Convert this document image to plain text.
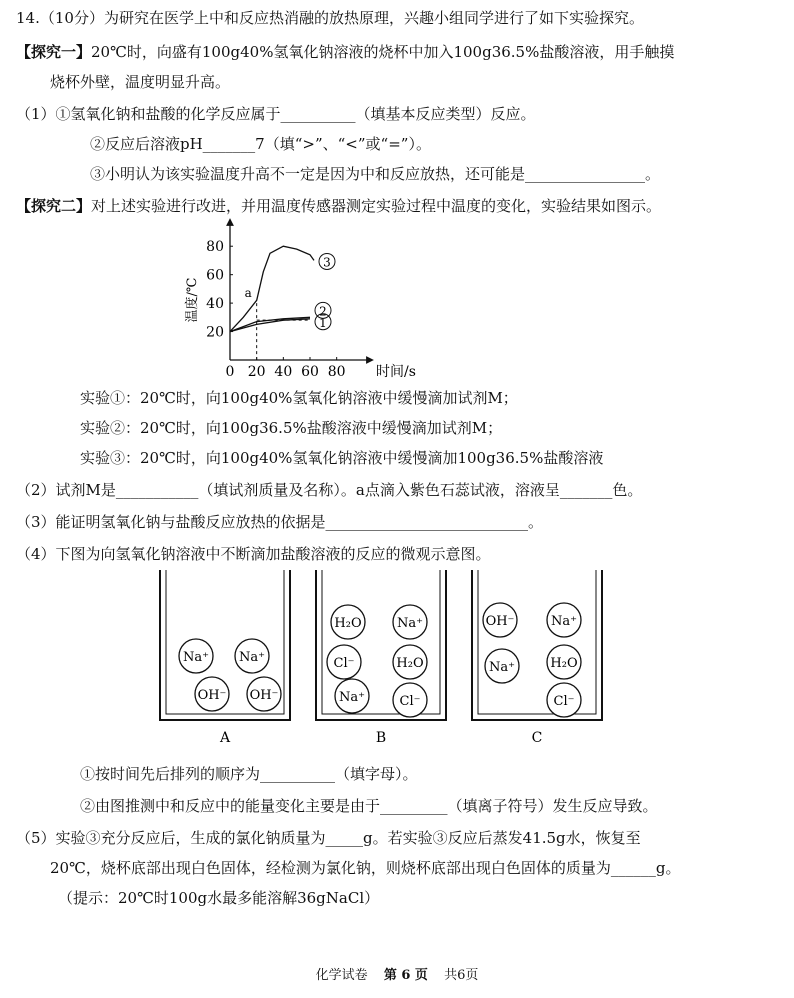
14.（10分）为研究在医学上中和反应热消融的放热原理，兴趣小组同学进行了如下实验探究。
【探究一】20℃时，向盛有100g40%氢氧化钠溶液的烧杯中加入100g36.5%盐酸溶液，用手触摸
烧杯外壁，温度明显升高。
（1）①氢氧化钠和盐酸的化学反应属于__________（填基本反应类型）反应。
②反应后溶液pH_______7（填“>”、“<”或“=”）。
③小明认为该实验温度升高不一定是因为中和反应放热，还可能是________________。
【探究二】对上述实验进行改进，并用温度传感器测定实验过程中温度的变化，实验结果如图示。
0 20 40 60 80
20
40
60
80
时间/s
温度/℃
1
2
3
a
实验①：20℃时，向100g40%氢氧化钠溶液中缓慢滴加试剂M；
实验②：20℃时，向100g36.5%盐酸溶液中缓慢滴加试剂M；
实验③：20℃时，向100g40%氢氧化钠溶液中缓慢滴加100g36.5%盐酸溶液
（2）试剂M是___________（填试剂质量及名称）。a点滴入紫色石蕊试液，溶液呈_______色。
（3）能证明氢氧化钠与盐酸反应放热的依据是___________________________。
（4）下图为向氢氧化钠溶液中不断滴加盐酸溶液的反应的微观示意图。
Na⁺ Na⁺
OH⁻ OH⁻
A
H₂O	Na⁺
Cl⁻	H₂O
Na⁺	Cl⁻
B
OH⁻	Na⁺
Na⁺	H₂O
Cl⁻
C
①按时间先后排列的顺序为__________（填字母）。
②由图推测中和反应中的能量变化主要是由于_________（填离子符号）发生反应导致。
（5）实验③充分反应后，生成的氯化钠质量为_____g。若实验③反应后蒸发41.5g水，恢复至
20℃，烧杯底部出现白色固体，经检测为氯化钠，则烧杯底部出现白色固体的质量为______g。
（提示：20℃时100g水最多能溶解36gNaCl）
化学试卷 第 6 页 共6页
